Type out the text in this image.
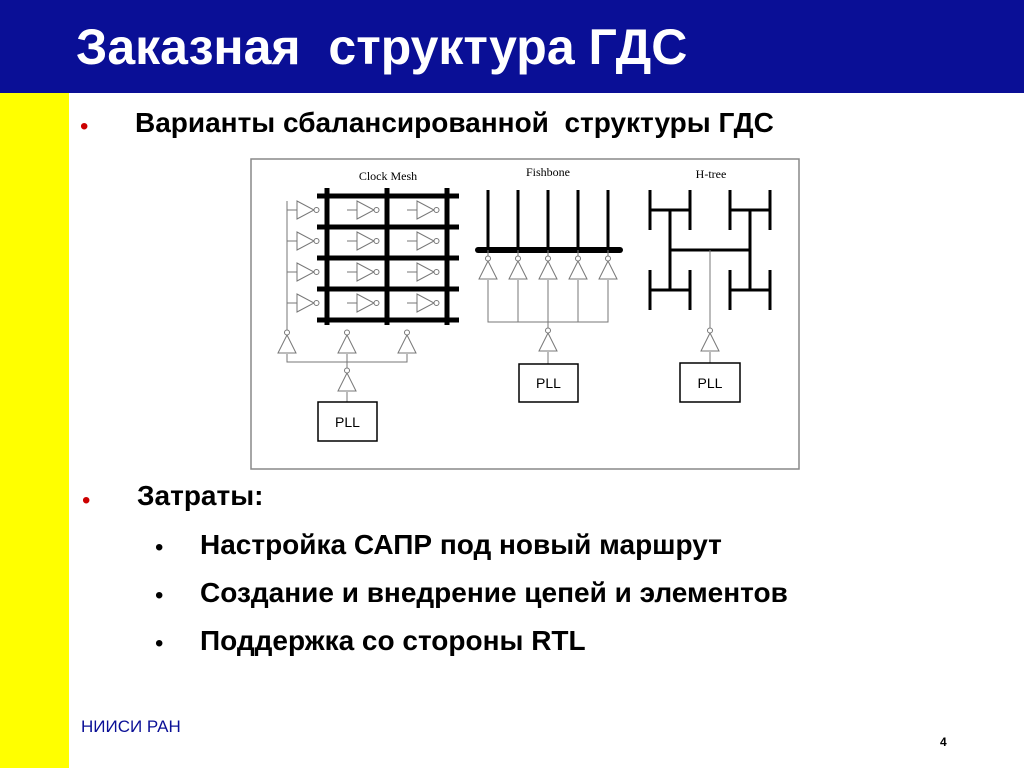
Заказная  структура ГДС
• Варианты сбалансированной  структуры ГДС
• Затраты:
• Настройка САПР под новый маршрут
• Создание и внедрение цепей и элементов
• Поддержка со стороны RTL
Clock Mesh
PLL
Fishbone
PLL
H-tree
PLL
НИИСИ РАН
4
